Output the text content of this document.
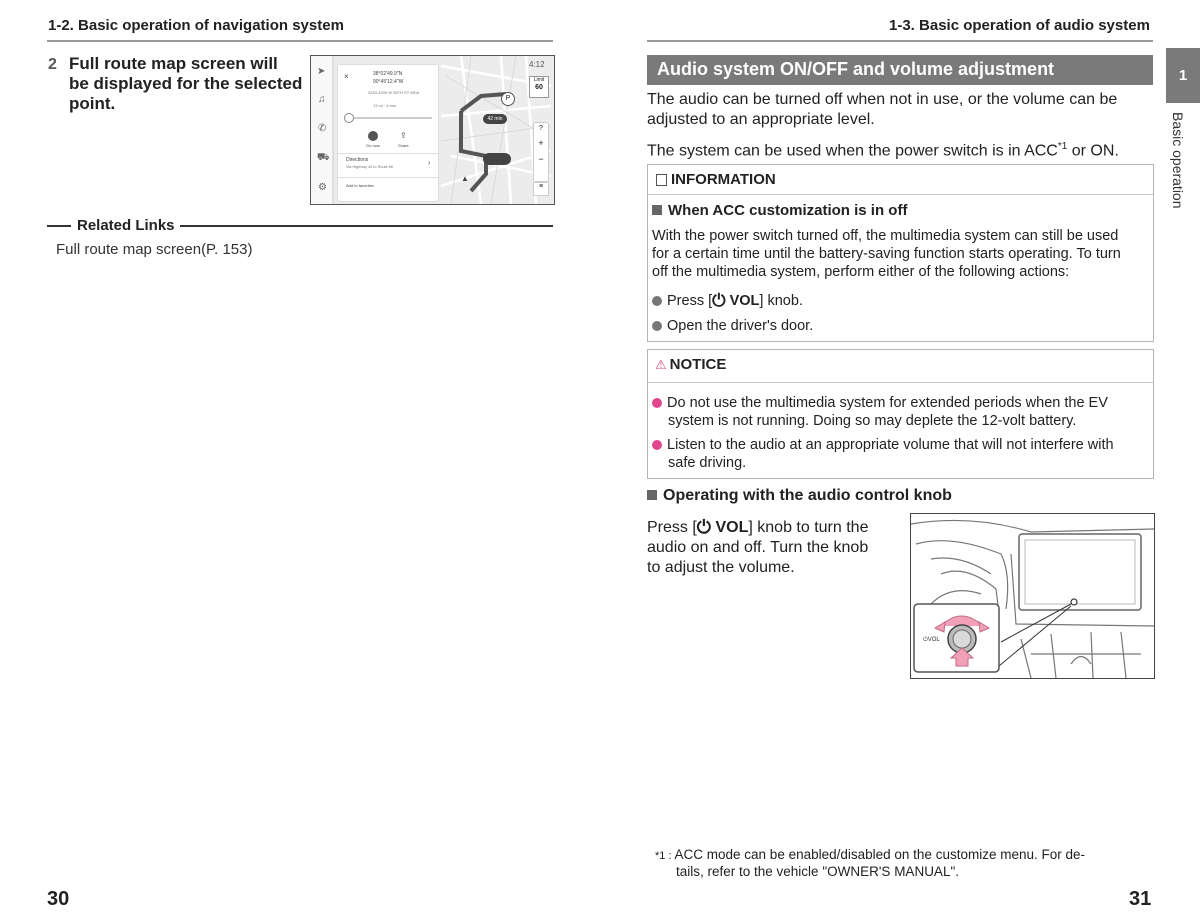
1-2. Basic operation of navigation system
2 Full route map screen will
be displayed for the selected
point.
➤
♫
✆
⛟
⚙
4:12
Limit
60
P
42 min
?
+
−
≡
▲
×	38°02'49.9"N
90°45'12.4"W
3253-4539 W 56TH ST ARIA
13 mi · 4 min
Go now
⇪
Share
Directions
Via Highway 44 to Route 66	›
Add to favorites
Related Links
Full route map screen(P. 153)
30
1-3. Basic operation of audio system
Audio system ON/OFF and volume adjustment
The audio can be turned off when not in use, or the volume can be
adjusted to an appropriate level.
The system can be used when the power switch is in ACC$^{*1}$ or ON.
INFORMATION
When ACC customization is in off
With the power switch turned off, the multimedia system can still be used
for a certain time until the battery-saving function starts operating. To turn
off the multimedia system, perform either of the following actions:
Press [⏻ VOL] knob.
Open the driver's door.
⚠ NOTICE
Do not use the multimedia system for extended periods when the EV
system is not running. Doing so may deplete the 12-volt battery.
Listen to the audio at an appropriate volume that will not interfere with
safe driving.
Operating with the audio control knob
Press [⏻ VOL] knob to turn the
audio on and off. Turn the knob
to adjust the volume.
⏻VOL
1
Basic operation
*1 : ACC mode can be enabled/disabled on the customize menu. For de-
tails, refer to the vehicle "OWNER'S MANUAL".
31
